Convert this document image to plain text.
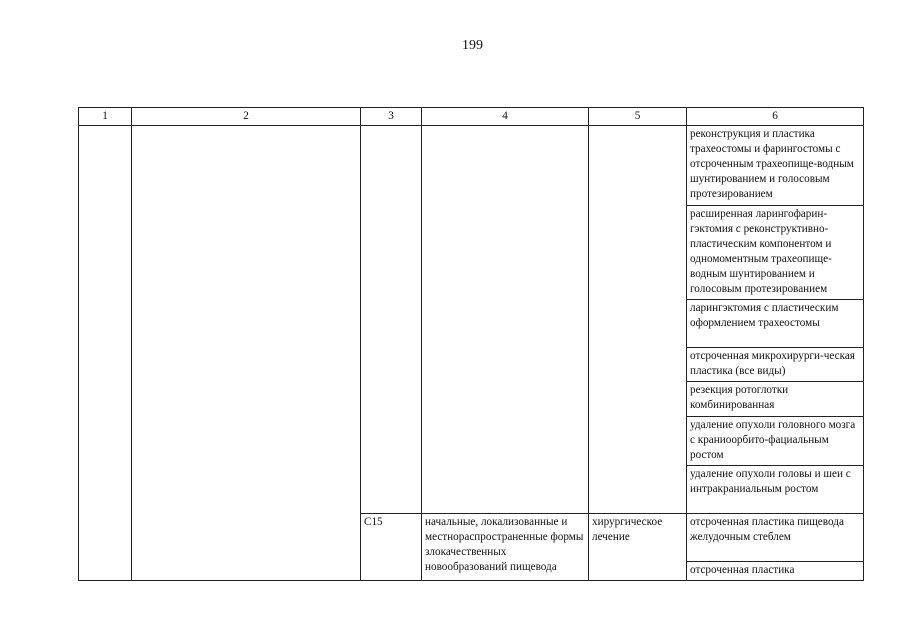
199
1	2	3	4	5	6
					реконструкция и пластика трахеостомы и фарингостомы с отсроченным трахеопище-водным шунтированием и голосовым протезированием
					расширенная ларингофарин-гэктомия с реконструктивно-пластическим компонентом и одномоментным трахеопище-водным шунтированием и голосовым протезированием
					ларингэктомия с пластическим оформлением трахеостомы
					отсроченная микрохирурги-ческая пластика (все виды)
					резекция ротоглотки комбинированная
					удаление опухоли головного мозга с краниоорбито-фациальным ростом
					удаление опухоли головы и шеи с интракраниальным ростом
		C15	начальные, локализованные и местнораспространенные формы злокачественных новообразований пищевода	хирургическое лечение	отсроченная пластика пищевода желудочным стеблем
					отсроченная пластика
